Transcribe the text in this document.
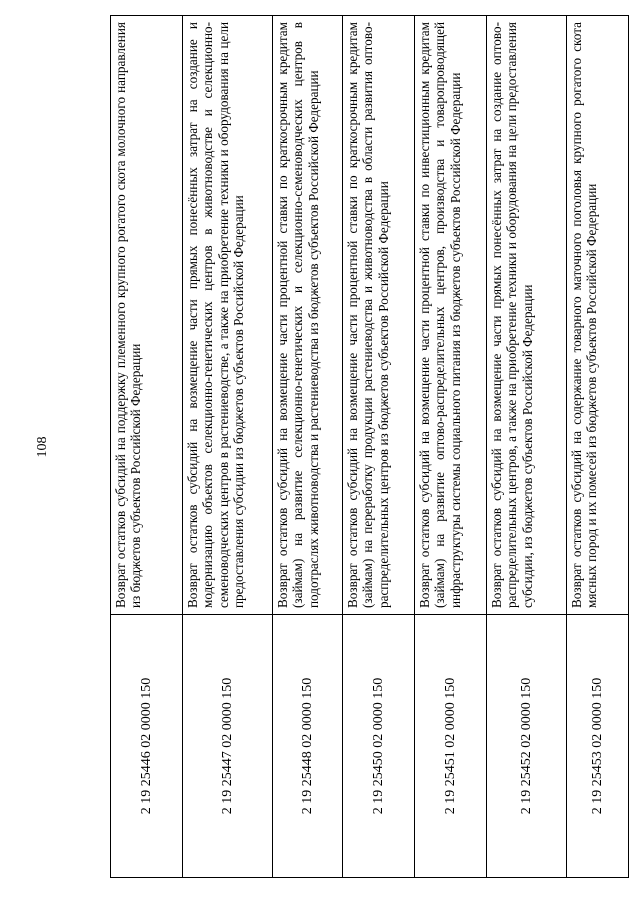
108
2 19 25446 02 0000 150	Возврат остатков субсидий на поддержку племенного крупного рогатого скота молочного направления из бюджетов субъектов Российской Федерации
2 19 25447 02 0000 150	Возврат остатков субсидий на возмещение части прямых понесённых затрат на создание и модернизацию объектов селекционно-генетических центров в животноводстве и селекционно-семеноводческих центров в растениеводстве, а также на приобретение техники и оборудования на цели предоставления субсидии из бюджетов субъектов Российской Федерации
2 19 25448 02 0000 150	Возврат остатков субсидий на возмещение части процентной ставки по краткосрочным кредитам (займам) на развитие селекционно-генетических и селекционно-семеноводческих центров в подотраслях животноводства и растениеводства из бюджетов субъектов Российской Федерации
2 19 25450 02 0000 150	Возврат остатков субсидий на возмещение части процентной ставки по краткосрочным кредитам (займам) на переработку продукции растениеводства и животноводства в области развития оптово-распределительных центров из бюджетов субъектов Российской Федерации
2 19 25451 02 0000 150	Возврат остатков субсидий на возмещение части процентной ставки по инвестиционным кредитам (займам) на развитие оптово-распределительных центров, производства и товаропроводящей инфраструктуры системы социального питания из бюджетов субъектов Российской Федерации
2 19 25452 02 0000 150	Возврат остатков субсидий на возмещение части прямых понесённых затрат на создание оптово-распределительных центров, а также на приобретение техники и оборудования на цели предоставления субсидии, из бюджетов субъектов Российской Федерации
2 19 25453 02 0000 150	Возврат остатков субсидий на содержание товарного маточного поголовья крупного рогатого скота мясных пород и их помесей из бюджетов субъектов Российской Федерации
